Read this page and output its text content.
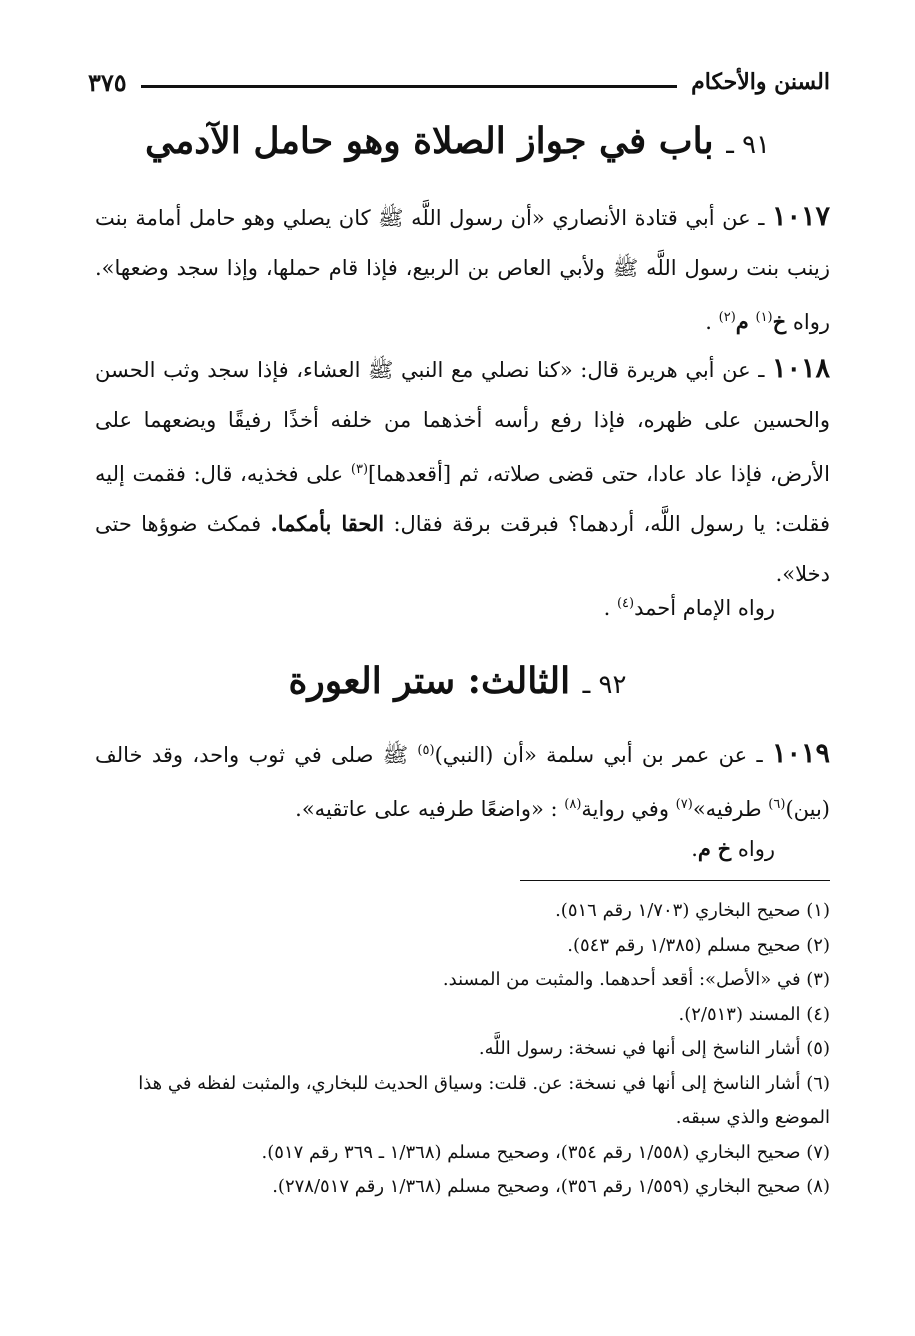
السنن والأحكام
٣٧٥
٩١ ـ باب في جواز الصلاة وهو حامل الآدمي
١٠١٧ ـ عن أبي قتادة الأنصاري «أن رسول اللَّه ﷺ كان يصلي وهو حامل أمامة بنت زينب بنت رسول اللَّه ﷺ ولأبي العاص بن الربيع، فإذا قام حملها، وإذا سجد وضعها». رواه خ$^{(١)}$ م$^{(٢)}$ .
١٠١٨ ـ عن أبي هريرة قال: «كنا نصلي مع النبي ﷺ العشاء، فإذا سجد وثب الحسن والحسين على ظهره، فإذا رفع رأسه أخذهما من خلفه أخذًا رفيقًا ويضعهما على الأرض، فإذا عاد عادا، حتى قضى صلاته، ثم [أقعدهما]$^{(٣)}$ على فخذيه، قال: فقمت إليه فقلت: يا رسول اللَّه، أردهما؟ فبرقت برقة فقال: الحقا بأمكما. فمكث ضوؤها حتى دخلا».
رواه الإمام أحمد$^{(٤)}$ .
٩٢ ـ الثالث: ستر العورة
١٠١٩ ـ عن عمر بن أبي سلمة «أن (النبي)$^{(٥)}$ ﷺ صلى في ثوب واحد، وقد خالف (بين)$^{(٦)}$ طرفيه»$^{(٧)}$ وفي رواية$^{(٨)}$ : «واضعًا طرفيه على عاتقيه».
رواه خ م.

(١) صحيح البخاري (١/٧٠٣ رقم ٥١٦).

(٢) صحيح مسلم (١/٣٨٥ رقم ٥٤٣).

(٣) في «الأصل»: أقعد أحدهما. والمثبت من المسند.

(٤) المسند (٢/٥١٣).

(٥) أشار الناسخ إلى أنها في نسخة: رسول اللَّه.

(٦) أشار الناسخ إلى أنها في نسخة: عن. قلت: وسياق الحديث للبخاري، والمثبت لفظه في هذا الموضع والذي سبقه.

(٧) صحيح البخاري (١/٥٥٨ رقم ٣٥٤)، وصحيح مسلم (١/٣٦٨ ـ ٣٦٩ رقم ٥١٧).

(٨) صحيح البخاري (١/٥٥٩ رقم ٣٥٦)، وصحيح مسلم (١/٣٦٨ رقم ٢٧٨/٥١٧).
